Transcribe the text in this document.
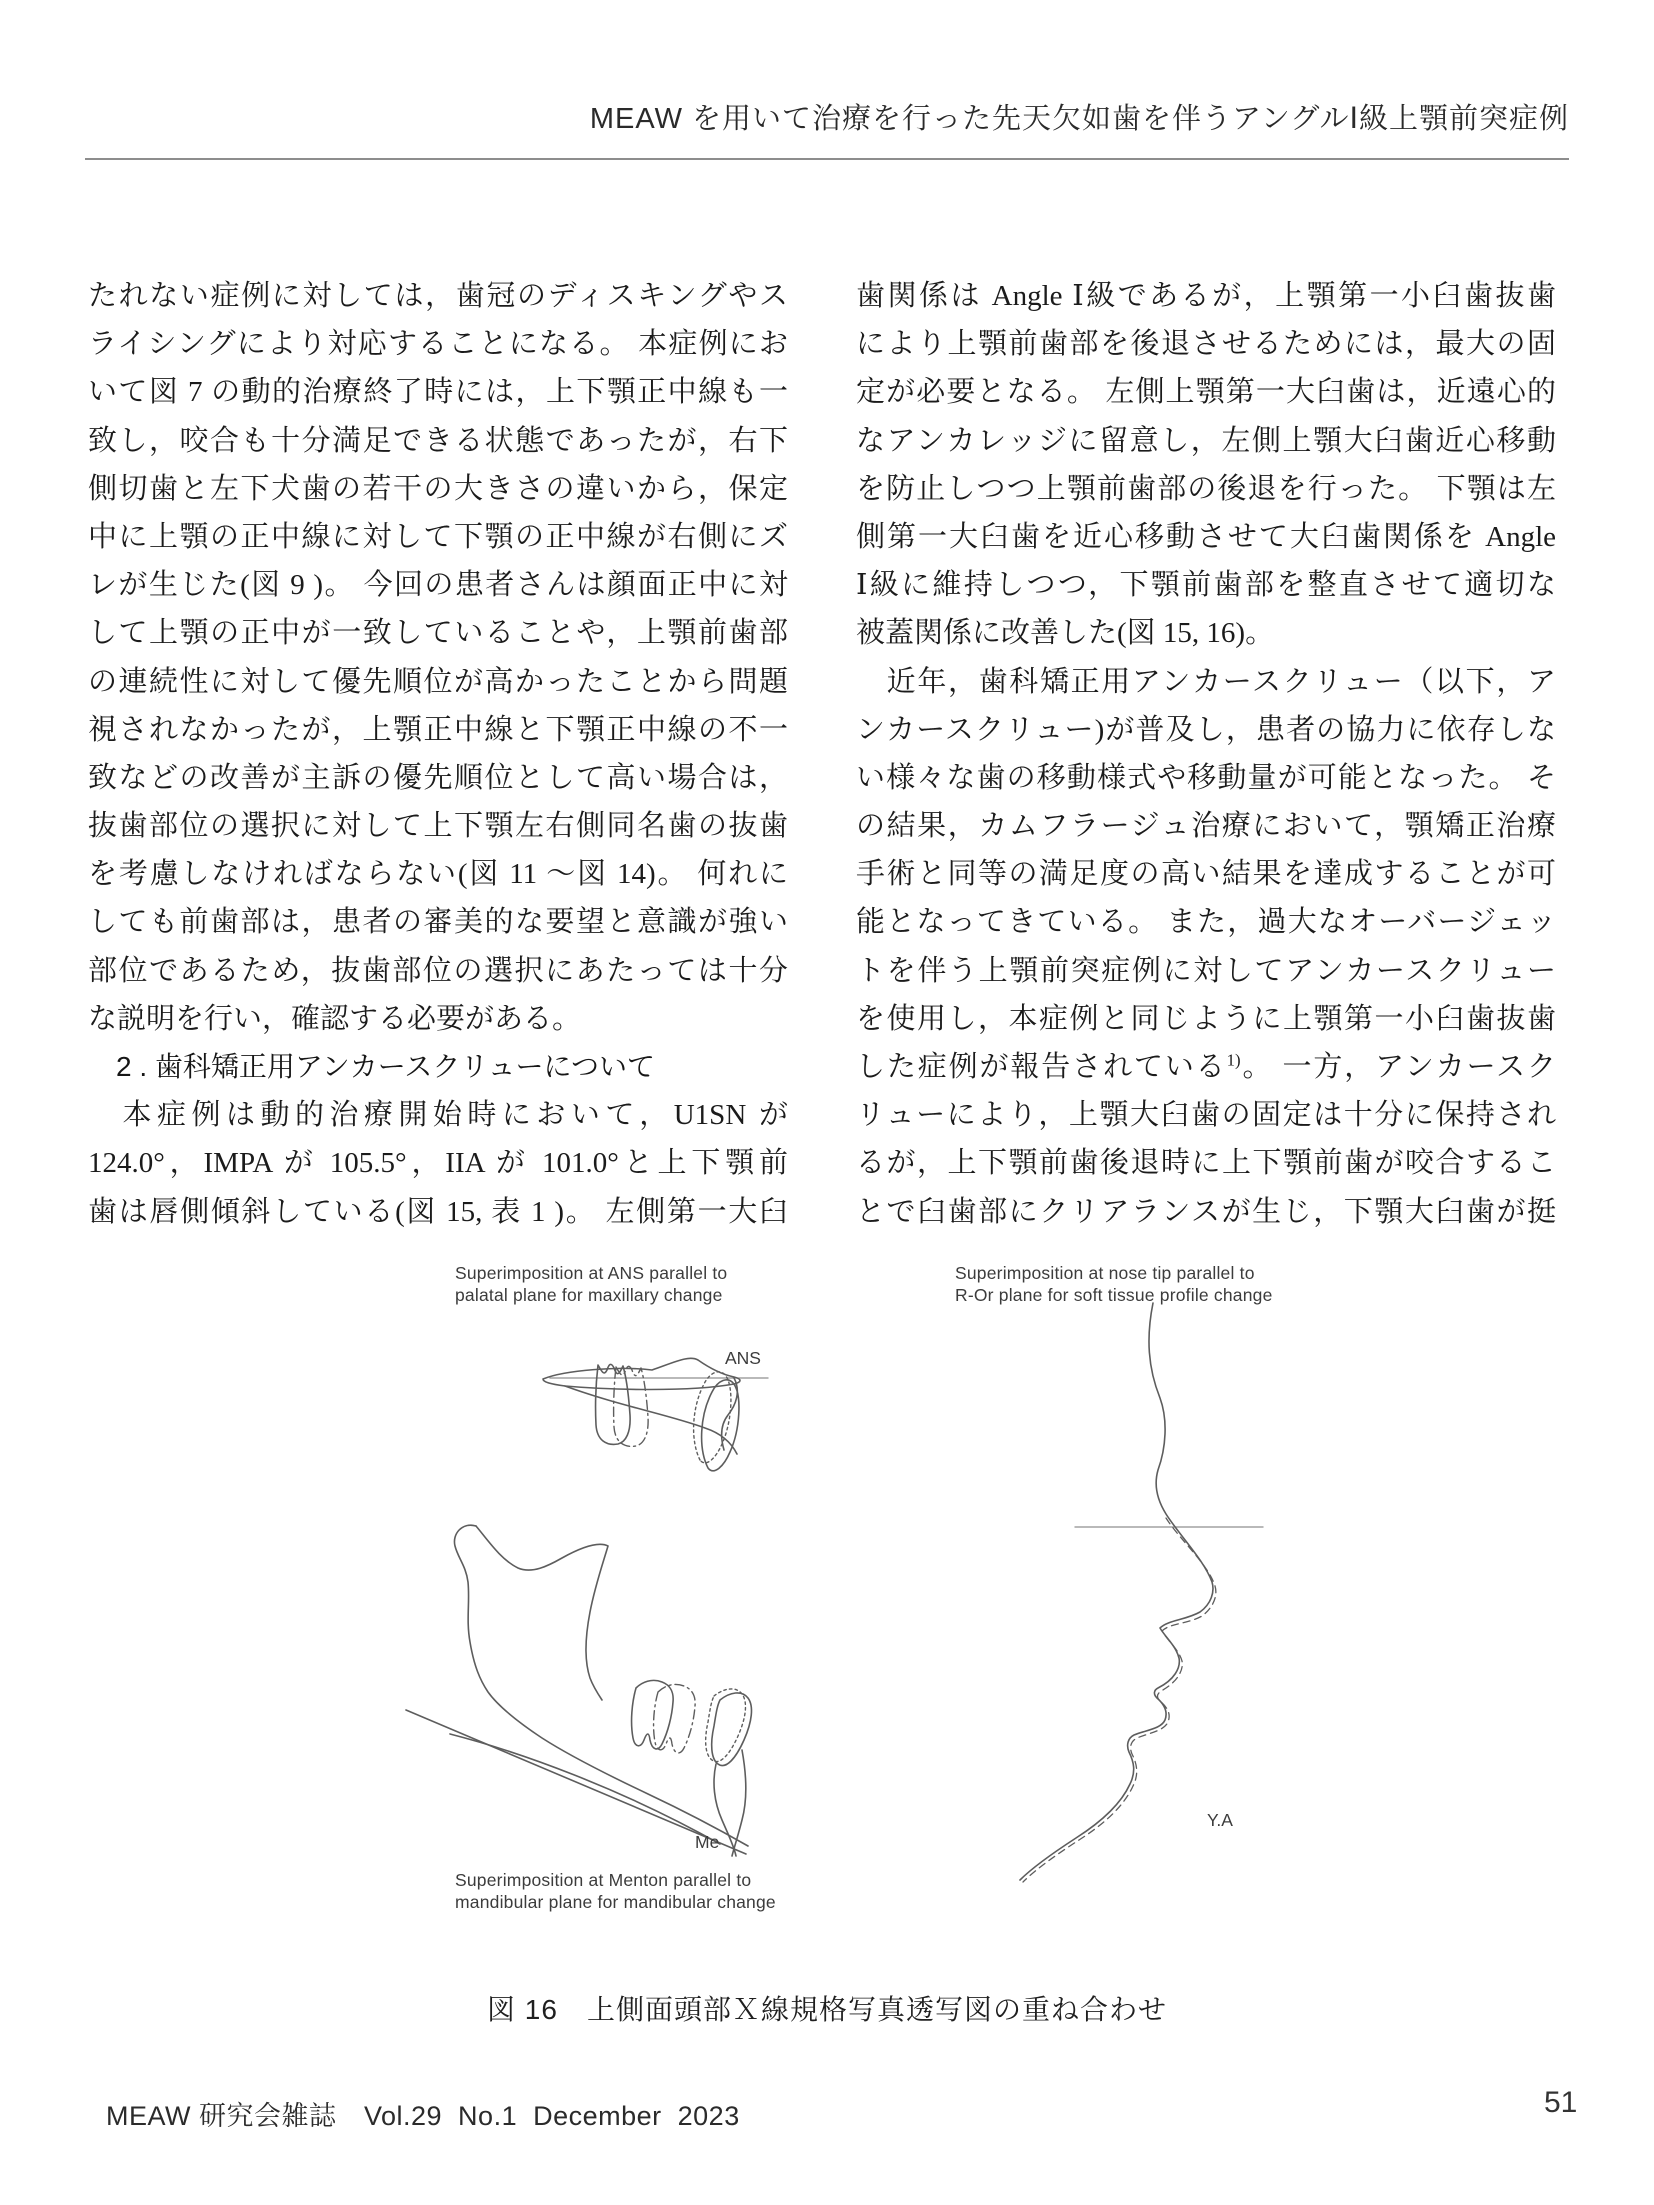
MEAW を用いて治療を行った先天欠如歯を伴うアングルⅠ級上顎前突症例
たれない症例に対しては，歯冠のディスキングやス
ライシングにより対応することになる。 本症例にお
いて図 7 の動的治療終了時には，上下顎正中線も一
致し，咬合も十分満足できる状態であったが，右下
側切歯と左下犬歯の若干の大きさの違いから，保定
中に上顎の正中線に対して下顎の正中線が右側にズ
レが生じた(図 9 )。 今回の患者さんは顔面正中に対
して上顎の正中が一致していることや，上顎前歯部
の連続性に対して優先順位が高かったことから問題
視されなかったが，上顎正中線と下顎正中線の不一
致などの改善が主訴の優先順位として高い場合は，
抜歯部位の選択に対して上下顎左右側同名歯の抜歯
を考慮しなければならない(図 11 〜図 14)。 何れに
しても前歯部は，患者の審美的な要望と意識が強い
部位であるため，抜歯部位の選択にあたっては十分
な説明を行い，確認する必要がある。
　2 . 歯科矯正用アンカースクリューについて
　本症例は動的治療開始時において，U1SN が
124.0°，IMPA が 105.5°，IIA が 101.0°と上下顎前
歯は唇側傾斜している(図 15, 表 1 )。 左側第一大臼
歯関係は Angle Ⅰ級であるが，上顎第一小臼歯抜歯
により上顎前歯部を後退させるためには，最大の固
定が必要となる。 左側上顎第一大臼歯は，近遠心的
なアンカレッジに留意し，左側上顎大臼歯近心移動
を防止しつつ上顎前歯部の後退を行った。 下顎は左
側第一大臼歯を近心移動させて大臼歯関係を Angle
Ⅰ級に維持しつつ，下顎前歯部を整直させて適切な
被蓋関係に改善した(図 15, 16)。
　近年，歯科矯正用アンカースクリュー（以下，ア
ンカースクリュー)が普及し，患者の協力に依存しな
い様々な歯の移動様式や移動量が可能となった。 そ
の結果，カムフラージュ治療において，顎矯正治療
手術と同等の満足度の高い結果を達成することが可
能となってきている。 また，過大なオーバージェッ
トを伴う上顎前突症例に対してアンカースクリュー
を使用し，本症例と同じように上顎第一小臼歯抜歯
した症例が報告されている$^{1)}$。 一方，アンカースク
リューにより，上顎大臼歯の固定は十分に保持され
るが，上下顎前歯後退時に上下顎前歯が咬合するこ
とで臼歯部にクリアランスが生じ，下顎大臼歯が挺
Superimposition at ANS parallel to
palatal plane for maxillary change
Superimposition at nose tip parallel to
R-Or plane for soft tissue profile change
ANS
Me
Y.A
Superimposition at Menton parallel to
mandibular plane for mandibular change
図 16　上側面頭部Ｘ線規格写真透写図の重ね合わせ
MEAW 研究会雑誌　Vol.29  No.1  December  2023	51
